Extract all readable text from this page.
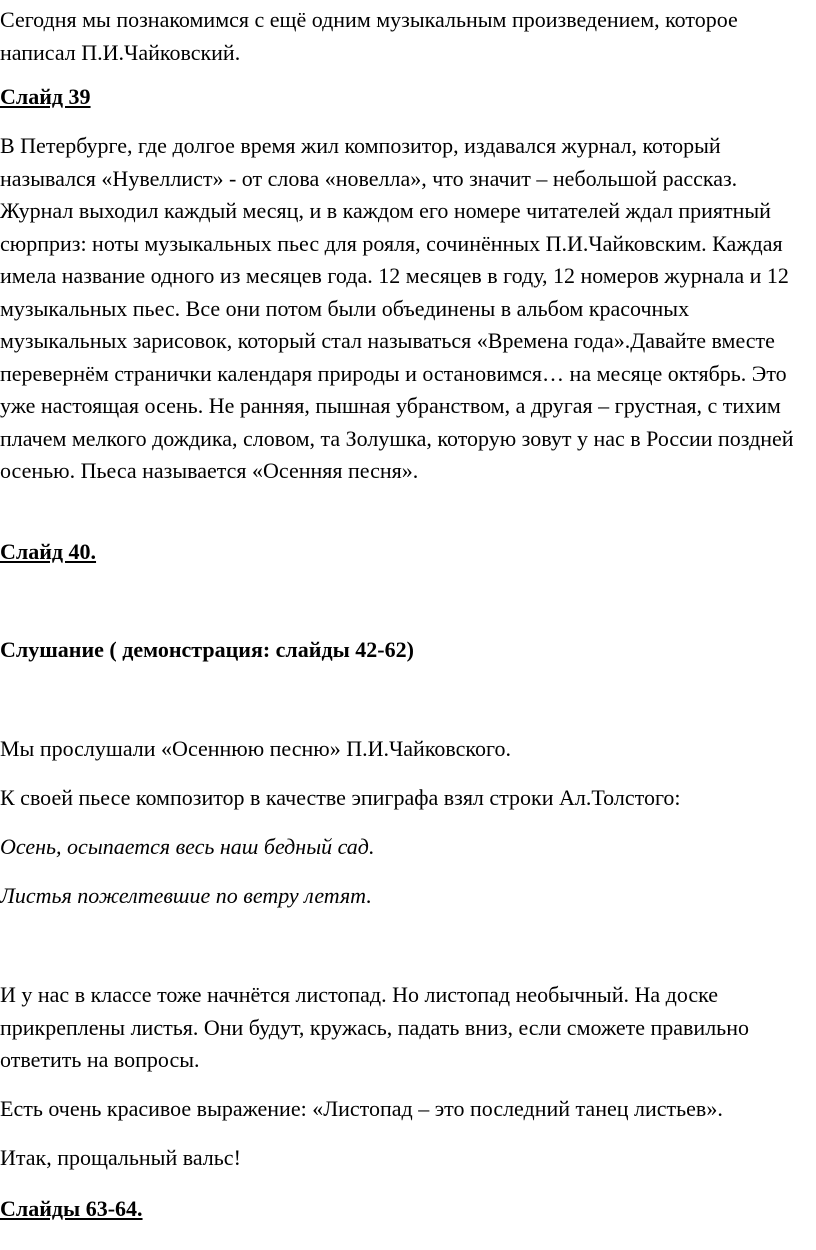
Сегодня мы познакомимся с ещё одним музыкальным произведением, которое написал П.И.Чайковский.

Слайд 39

В Петербурге, где долгое время жил композитор, издавался журнал, который назывался «Нувеллист» - от слова «новелла», что значит – небольшой рассказ. Журнал выходил каждый месяц, и в каждом его номере читателей ждал приятный сюрприз: ноты музыкальных пьес для рояля, сочинённых П.И.Чайковским. Каждая имела название одного из месяцев года. 12 месяцев в году, 12 номеров журнала и 12 музыкальных пьес. Все они потом были объединены в альбом красочных музыкальных зарисовок, который стал называться «Времена года».Давайте вместе перевернём странички календаря природы и остановимся… на месяце октябрь. Это уже настоящая осень. Не ранняя, пышная убранством, а другая – грустная, с тихим плачем мелкого дождика, словом, та Золушка, которую зовут у нас в России поздней осенью. Пьеса называется «Осенняя песня».

Слайд 40.

Слушание ( демонстрация: слайды 42-62)

Мы прослушали «Осеннюю песню» П.И.Чайковского.

К своей пьесе композитор в качестве эпиграфа взял строки Ал.Толстого:

Осень, осыпается весь наш бедный сад.

Листья пожелтевшие по ветру летят.

И у нас в классе тоже начнётся листопад. Но листопад необычный. На доске прикреплены листья. Они будут, кружась, падать вниз, если сможете правильно ответить на вопросы.

Есть очень красивое выражение: «Листопад – это последний танец листьев».

Итак, прощальный вальс!

Слайды 63-64.
